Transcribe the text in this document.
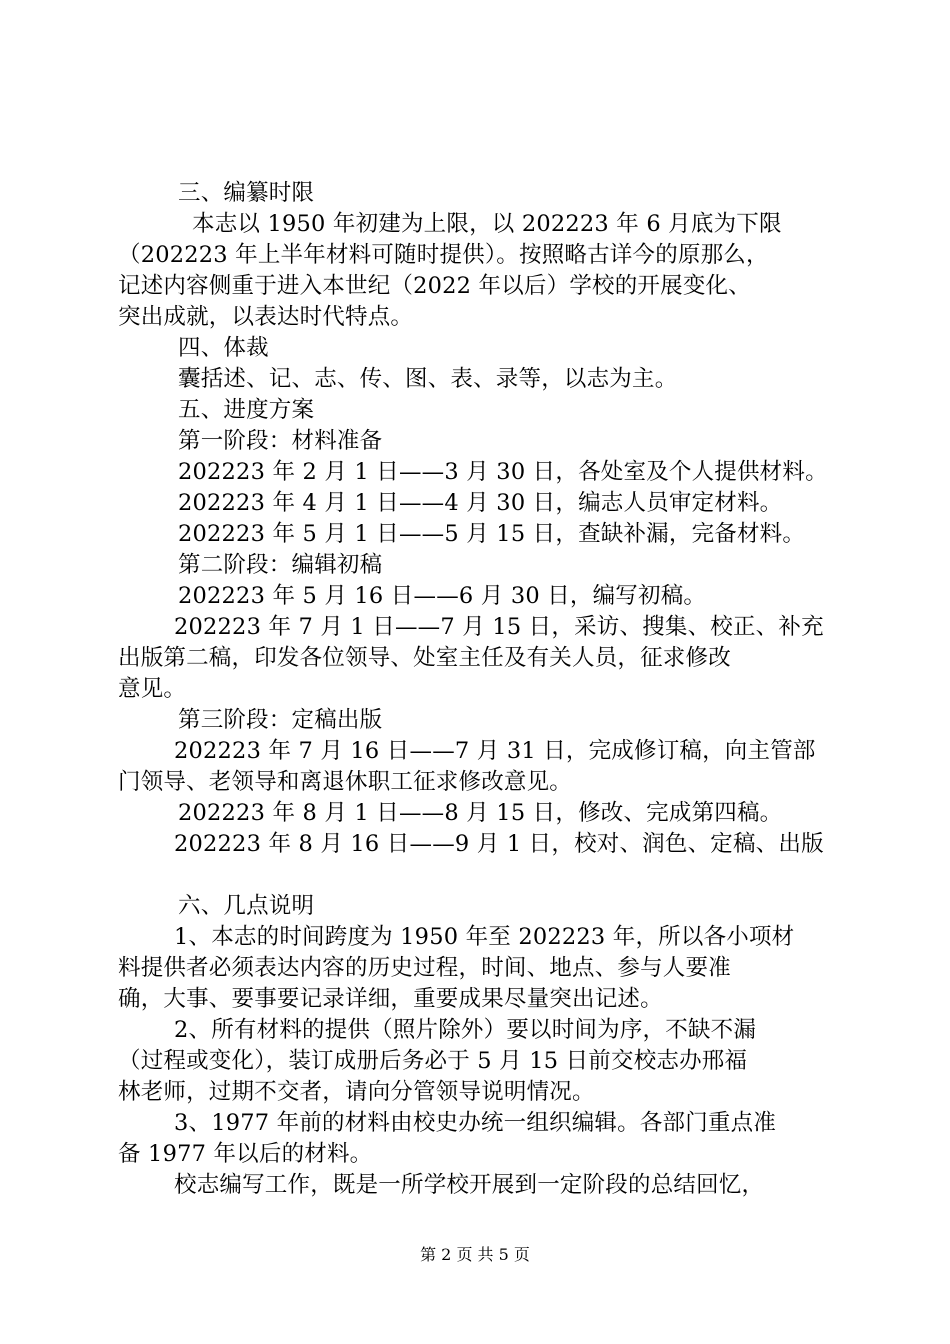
三、编纂时限
本志以 1950 年初建为上限，以 202223 年 6 月底为下限
（202223 年上半年材料可随时提供）。按照略古详今的原那么，
记述内容侧重于进入本世纪（2022 年以后）学校的开展变化、
突出成就，以表达时代特点。
四、体裁
囊括述、记、志、传、图、表、录等，以志为主。
五、进度方案
第一阶段：材料准备
202223 年 2 月 1 日——3 月 30 日，各处室及个人提供材料。
202223 年 4 月 1 日——4 月 30 日，编志人员审定材料。
202223 年 5 月 1 日——5 月 15 日，查缺补漏，完备材料。
第二阶段：编辑初稿
202223 年 5 月 16 日——6 月 30 日，编写初稿。
202223 年 7 月 1 日——7 月 15 日，采访、搜集、校正、补充
出版第二稿，印发各位领导、处室主任及有关人员，征求修改
意见。
第三阶段：定稿出版
202223 年 7 月 16 日——7 月 31 日，完成修订稿，向主管部
门领导、老领导和离退休职工征求修改意见。
202223 年 8 月 1 日——8 月 15 日，修改、完成第四稿。
202223 年 8 月 16 日——9 月 1 日，校对、润色、定稿、出版
六、几点说明
1、本志的时间跨度为 1950 年至 202223 年，所以各小项材
料提供者必须表达内容的历史过程，时间、地点、参与人要准
确，大事、要事要记录详细，重要成果尽量突出记述。
2、所有材料的提供（照片除外）要以时间为序，不缺不漏
（过程或变化），装订成册后务必于 5 月 15 日前交校志办邢福
林老师，过期不交者，请向分管领导说明情况。
3、1977 年前的材料由校史办统一组织编辑。各部门重点准
备 1977 年以后的材料。
校志编写工作，既是一所学校开展到一定阶段的总结回忆，
第 2 页 共 5 页
